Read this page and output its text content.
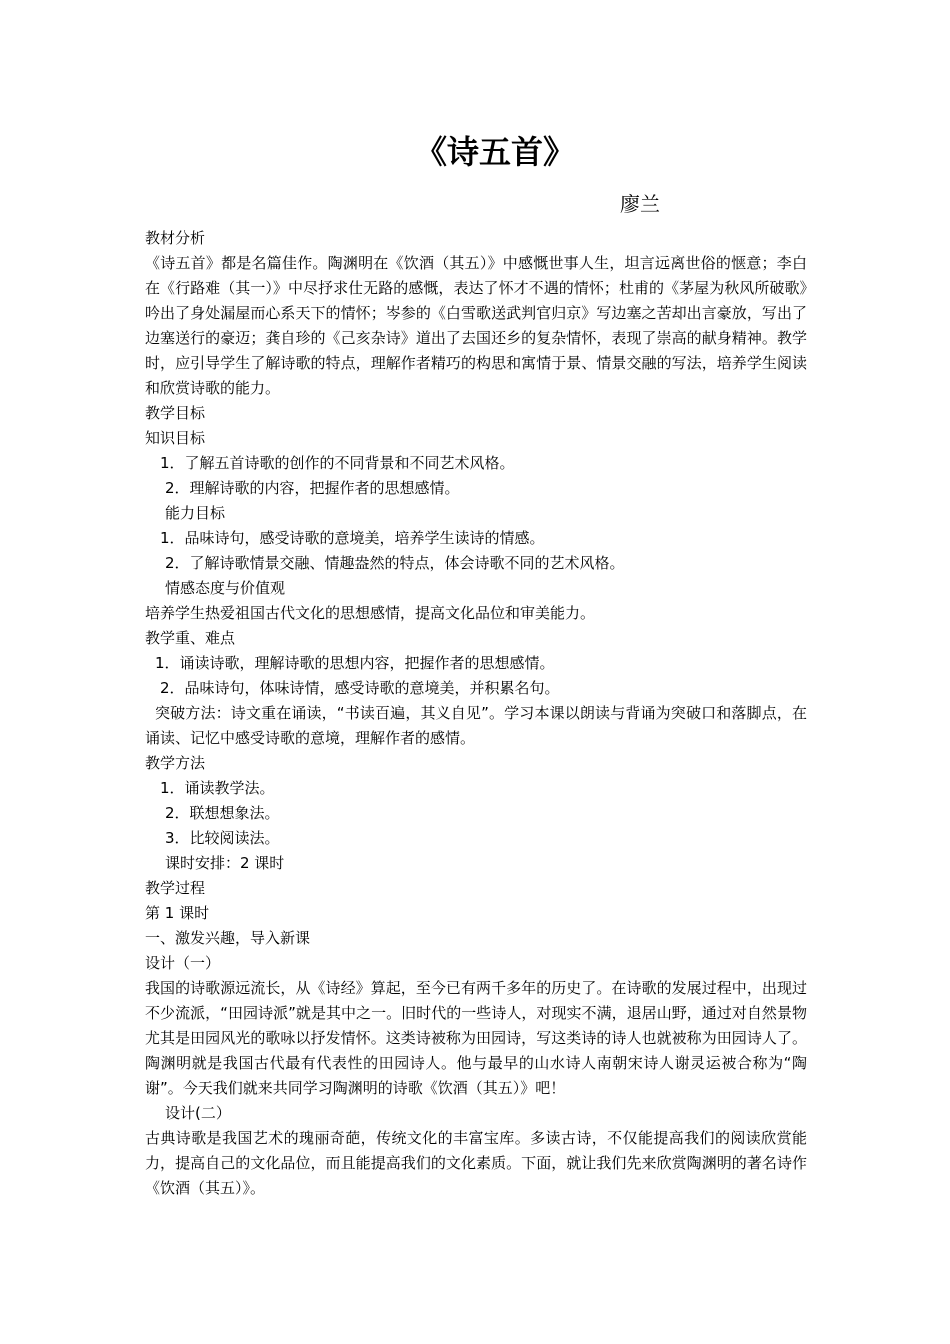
《诗五首》
廖兰
教材分析
《诗五首》都是名篇佳作。陶渊明在《饮酒（其五）》中感慨世事人生，坦言远离世俗的惬意；李白在《行路难（其一）》中尽抒求仕无路的感慨，表达了怀才不遇的情怀；杜甫的《茅屋为秋风所破歌》吟出了身处漏屋而心系天下的情怀；岑参的《白雪歌送武判官归京》写边塞之苦却出言豪放，写出了边塞送行的豪迈；龚自珍的《己亥杂诗》道出了去国还乡的复杂情怀，表现了崇高的献身精神。教学时，应引导学生了解诗歌的特点，理解作者精巧的构思和寓情于景、情景交融的写法，培养学生阅读和欣赏诗歌的能力。
教学目标
知识目标
1．了解五首诗歌的创作的不同背景和不同艺术风格。
2．理解诗歌的内容，把握作者的思想感情。
能力目标
1．品味诗句，感受诗歌的意境美，培养学生读诗的情感。
2．了解诗歌情景交融、情趣盎然的特点，体会诗歌不同的艺术风格。
情感态度与价值观
培养学生热爱祖国古代文化的思想感情，提高文化品位和审美能力。
教学重、难点
1．诵读诗歌，理解诗歌的思想内容，把握作者的思想感情。
2．品味诗句，体味诗情，感受诗歌的意境美，并积累名句。
突破方法：诗文重在诵读，“书读百遍，其义自见”。学习本课以朗读与背诵为突破口和落脚点，在诵读、记忆中感受诗歌的意境，理解作者的感情。
教学方法
1．诵读教学法。
2．联想想象法。
3．比较阅读法。
课时安排：2 课时
教学过程
第 1 课时
一、激发兴趣，导入新课
设计（一）
我国的诗歌源远流长，从《诗经》算起，至今已有两千多年的历史了。在诗歌的发展过程中，出现过不少流派，“田园诗派”就是其中之一。旧时代的一些诗人，对现实不满，退居山野，通过对自然景物尤其是田园风光的歌咏以抒发情怀。这类诗被称为田园诗，写这类诗的诗人也就被称为田园诗人了。陶渊明就是我国古代最有代表性的田园诗人。他与最早的山水诗人南朝宋诗人谢灵运被合称为“陶谢”。今天我们就来共同学习陶渊明的诗歌《饮酒（其五）》吧！
设计(二）
古典诗歌是我国艺术的瑰丽奇葩，传统文化的丰富宝库。多读古诗，不仅能提高我们的阅读欣赏能力，提高自己的文化品位，而且能提高我们的文化素质。下面，就让我们先来欣赏陶渊明的著名诗作《饮酒（其五）》。
